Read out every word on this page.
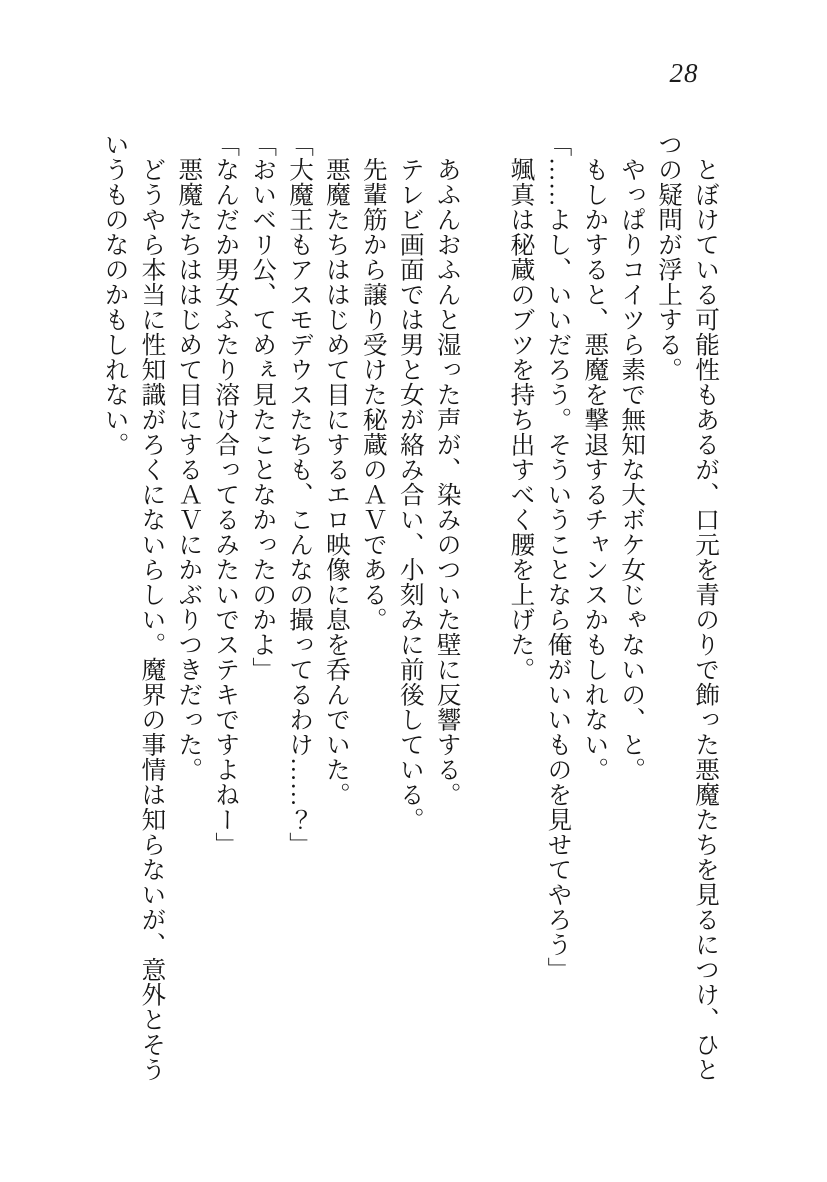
28

とぼけている可能性もあるが、口元を青のりで飾った悪魔たちを見るにつけ、ひとつの疑問が浮上する。

やっぱりコイツら素で無知な大ボケ女じゃないの、と。

もしかすると、悪魔を撃退するチャンスかもしれない。

「……よし、いいだろう。そういうことなら俺がいいものを見せてやろう」

颯真は秘蔵のブツを持ち出すべく腰を上げた。

あふんおふんと湿った声が、染みのついた壁に反響する。

テレビ画面では男と女が絡み合い、小刻みに前後している。

先輩筋から譲り受けた秘蔵のＡＶである。

悪魔たちははじめて目にするエロ映像に息を呑んでいた。

「大魔王もアスモデウスたちも、こんなの撮ってるわけ……？」

「おいベリ公、てめぇ見たことなかったのかよ」

「なんだか男女ふたり溶け合ってるみたいでステキですよねー」

悪魔たちははじめて目にするＡＶにかぶりつきだった。

どうやら本当に性知識がろくにないらしい。魔界の事情は知らないが、意外とそういうものなのかもしれない。
